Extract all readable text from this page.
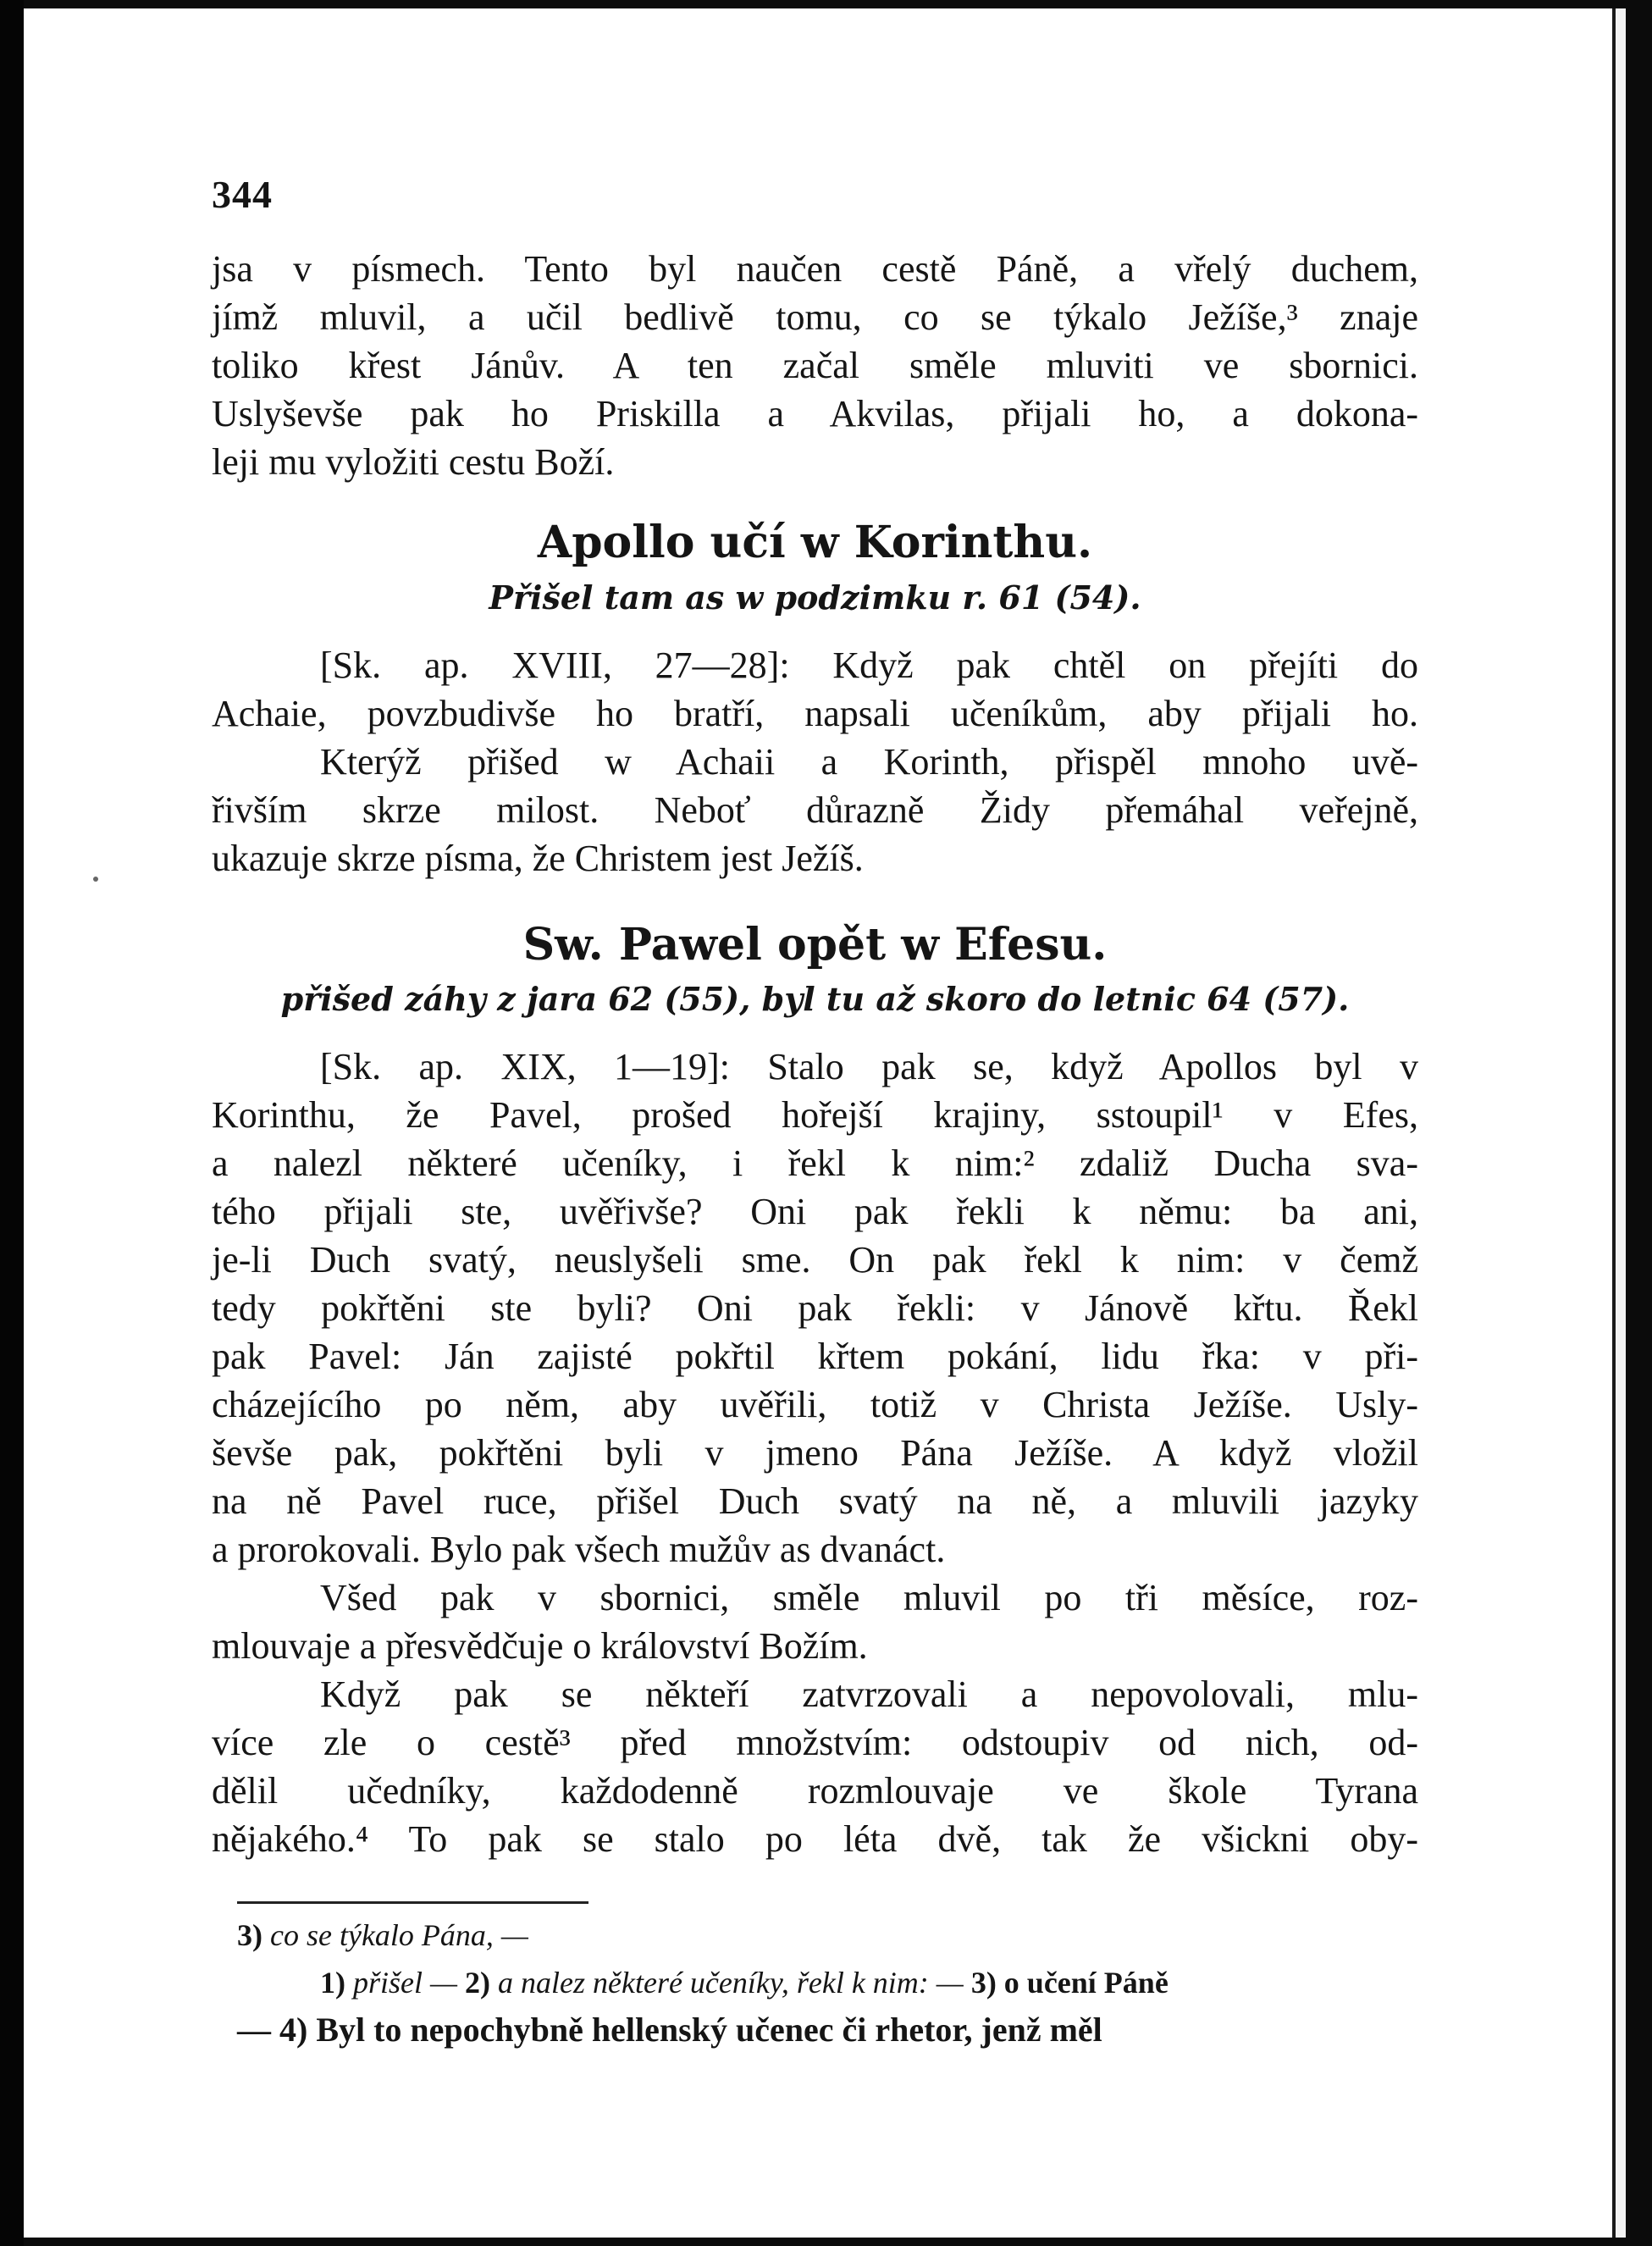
344
jsa v písmech. Tento byl naučen cestě Páně, a vřelý duchem,
jímž mluvil, a učil bedlivě tomu, co se týkalo Ježíše,³ znaje
toliko křest Jánův. A ten začal směle mluviti ve sbornici.
Uslyševše pak ho Priskilla a Akvilas, přijali ho, a dokona-
leji mu vyložiti cestu Boží.
Apollo učí w Korinthu.
Přišel tam as w podzimku r. 61 (54).
[Sk. ap. XVIII, 27—28]: Když pak chtěl on přejíti do
Achaie, povzbudivše ho bratří, napsali učeníkům, aby přijali ho.
Kterýž přišed w Achaii a Korinth, přispěl mnoho uvě-
řivším skrze milost. Neboť důrazně Židy přemáhal veřejně,
ukazuje skrze písma, že Christem jest Ježíš.
Sw. Pawel opět w Efesu.
přišed záhy z jara 62 (55), byl tu až skoro do letnic 64 (57).
[Sk. ap. XIX, 1—19]: Stalo pak se, když Apollos byl v
Korinthu, že Pavel, prošed hořejší krajiny, sstoupil¹ v Efes,
a nalezl některé učeníky, i řekl k nim:² zdaliž Ducha sva-
tého přijali ste, uvěřivše? Oni pak řekli k němu: ba ani,
je-li Duch svatý, neuslyšeli sme. On pak řekl k nim: v čemž
tedy pokřtěni ste byli? Oni pak řekli: v Jánově křtu. Řekl
pak Pavel: Ján zajisté pokřtil křtem pokání, lidu řka: v při-
cházejícího po něm, aby uvěřili, totiž v Christa Ježíše. Usly-
ševše pak, pokřtěni byli v jmeno Pána Ježíše. A když vložil
na ně Pavel ruce, přišel Duch svatý na ně, a mluvili jazyky
a prorokovali. Bylo pak všech mužův as dvanáct.
Všed pak v sbornici, směle mluvil po tři měsíce, roz-
mlouvaje a přesvědčuje o království Božím.
Když pak se někteří zatvrzovali a nepovolovali, mlu-
více zle o cestě³ před množstvím: odstoupiv od nich, od-
dělil učedníky, každodenně rozmlouvaje ve škole Tyrana
nějakého.⁴ To pak se stalo po léta dvě, tak že všickni oby-
3) co se týkalo Pána, —
1) přišel — 2) a nalez některé učeníky, řekl k nim: — 3) o učení Páně
— 4) Byl to nepochybně hellenský učenec či rhetor, jenž měl
